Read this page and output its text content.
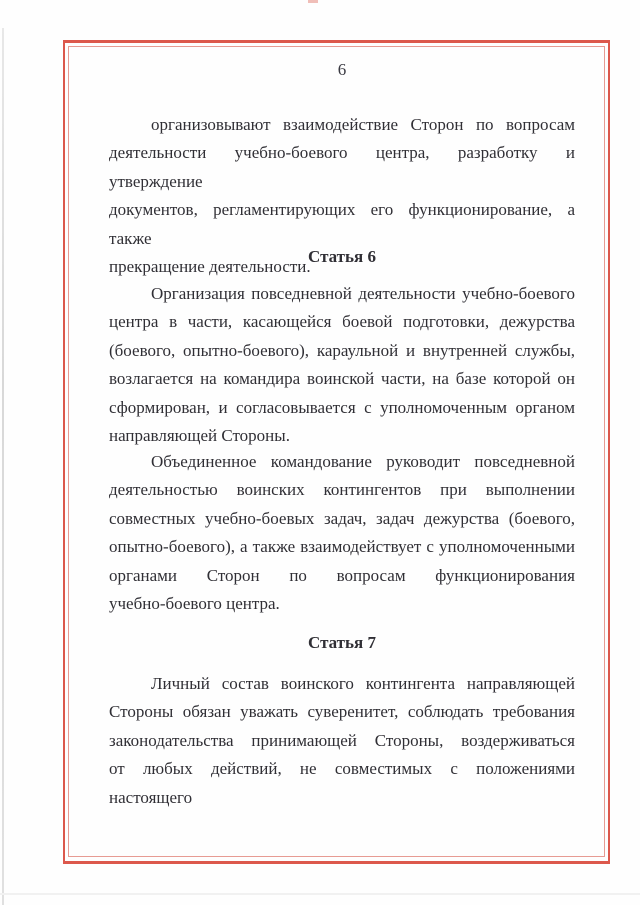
6
организовывают взаимодействие Сторон по вопросам
деятельности учебно-боевого центра, разработку и утверждение
документов, регламентирующих его функционирование, а также
прекращение деятельности.
Статья 6
Организация повседневной деятельности учебно-боевого
центра в части, касающейся боевой подготовки, дежурства
(боевого, опытно-боевого), караульной и внутренней службы,
возлагается на командира воинской части, на базе которой он
сформирован, и согласовывается с уполномоченным органом
направляющей Стороны.
Объединенное командование руководит повседневной
деятельностью воинских контингентов при выполнении
совместных учебно-боевых задач, задач дежурства (боевого,
опытно-боевого), а также взаимодействует с уполномоченными
органами Сторон по вопросам функционирования
учебно-боевого центра.
Статья 7
Личный состав воинского контингента направляющей
Стороны обязан уважать суверенитет, соблюдать требования
законодательства принимающей Стороны, воздерживаться
от любых действий, не совместимых с положениями настоящего
